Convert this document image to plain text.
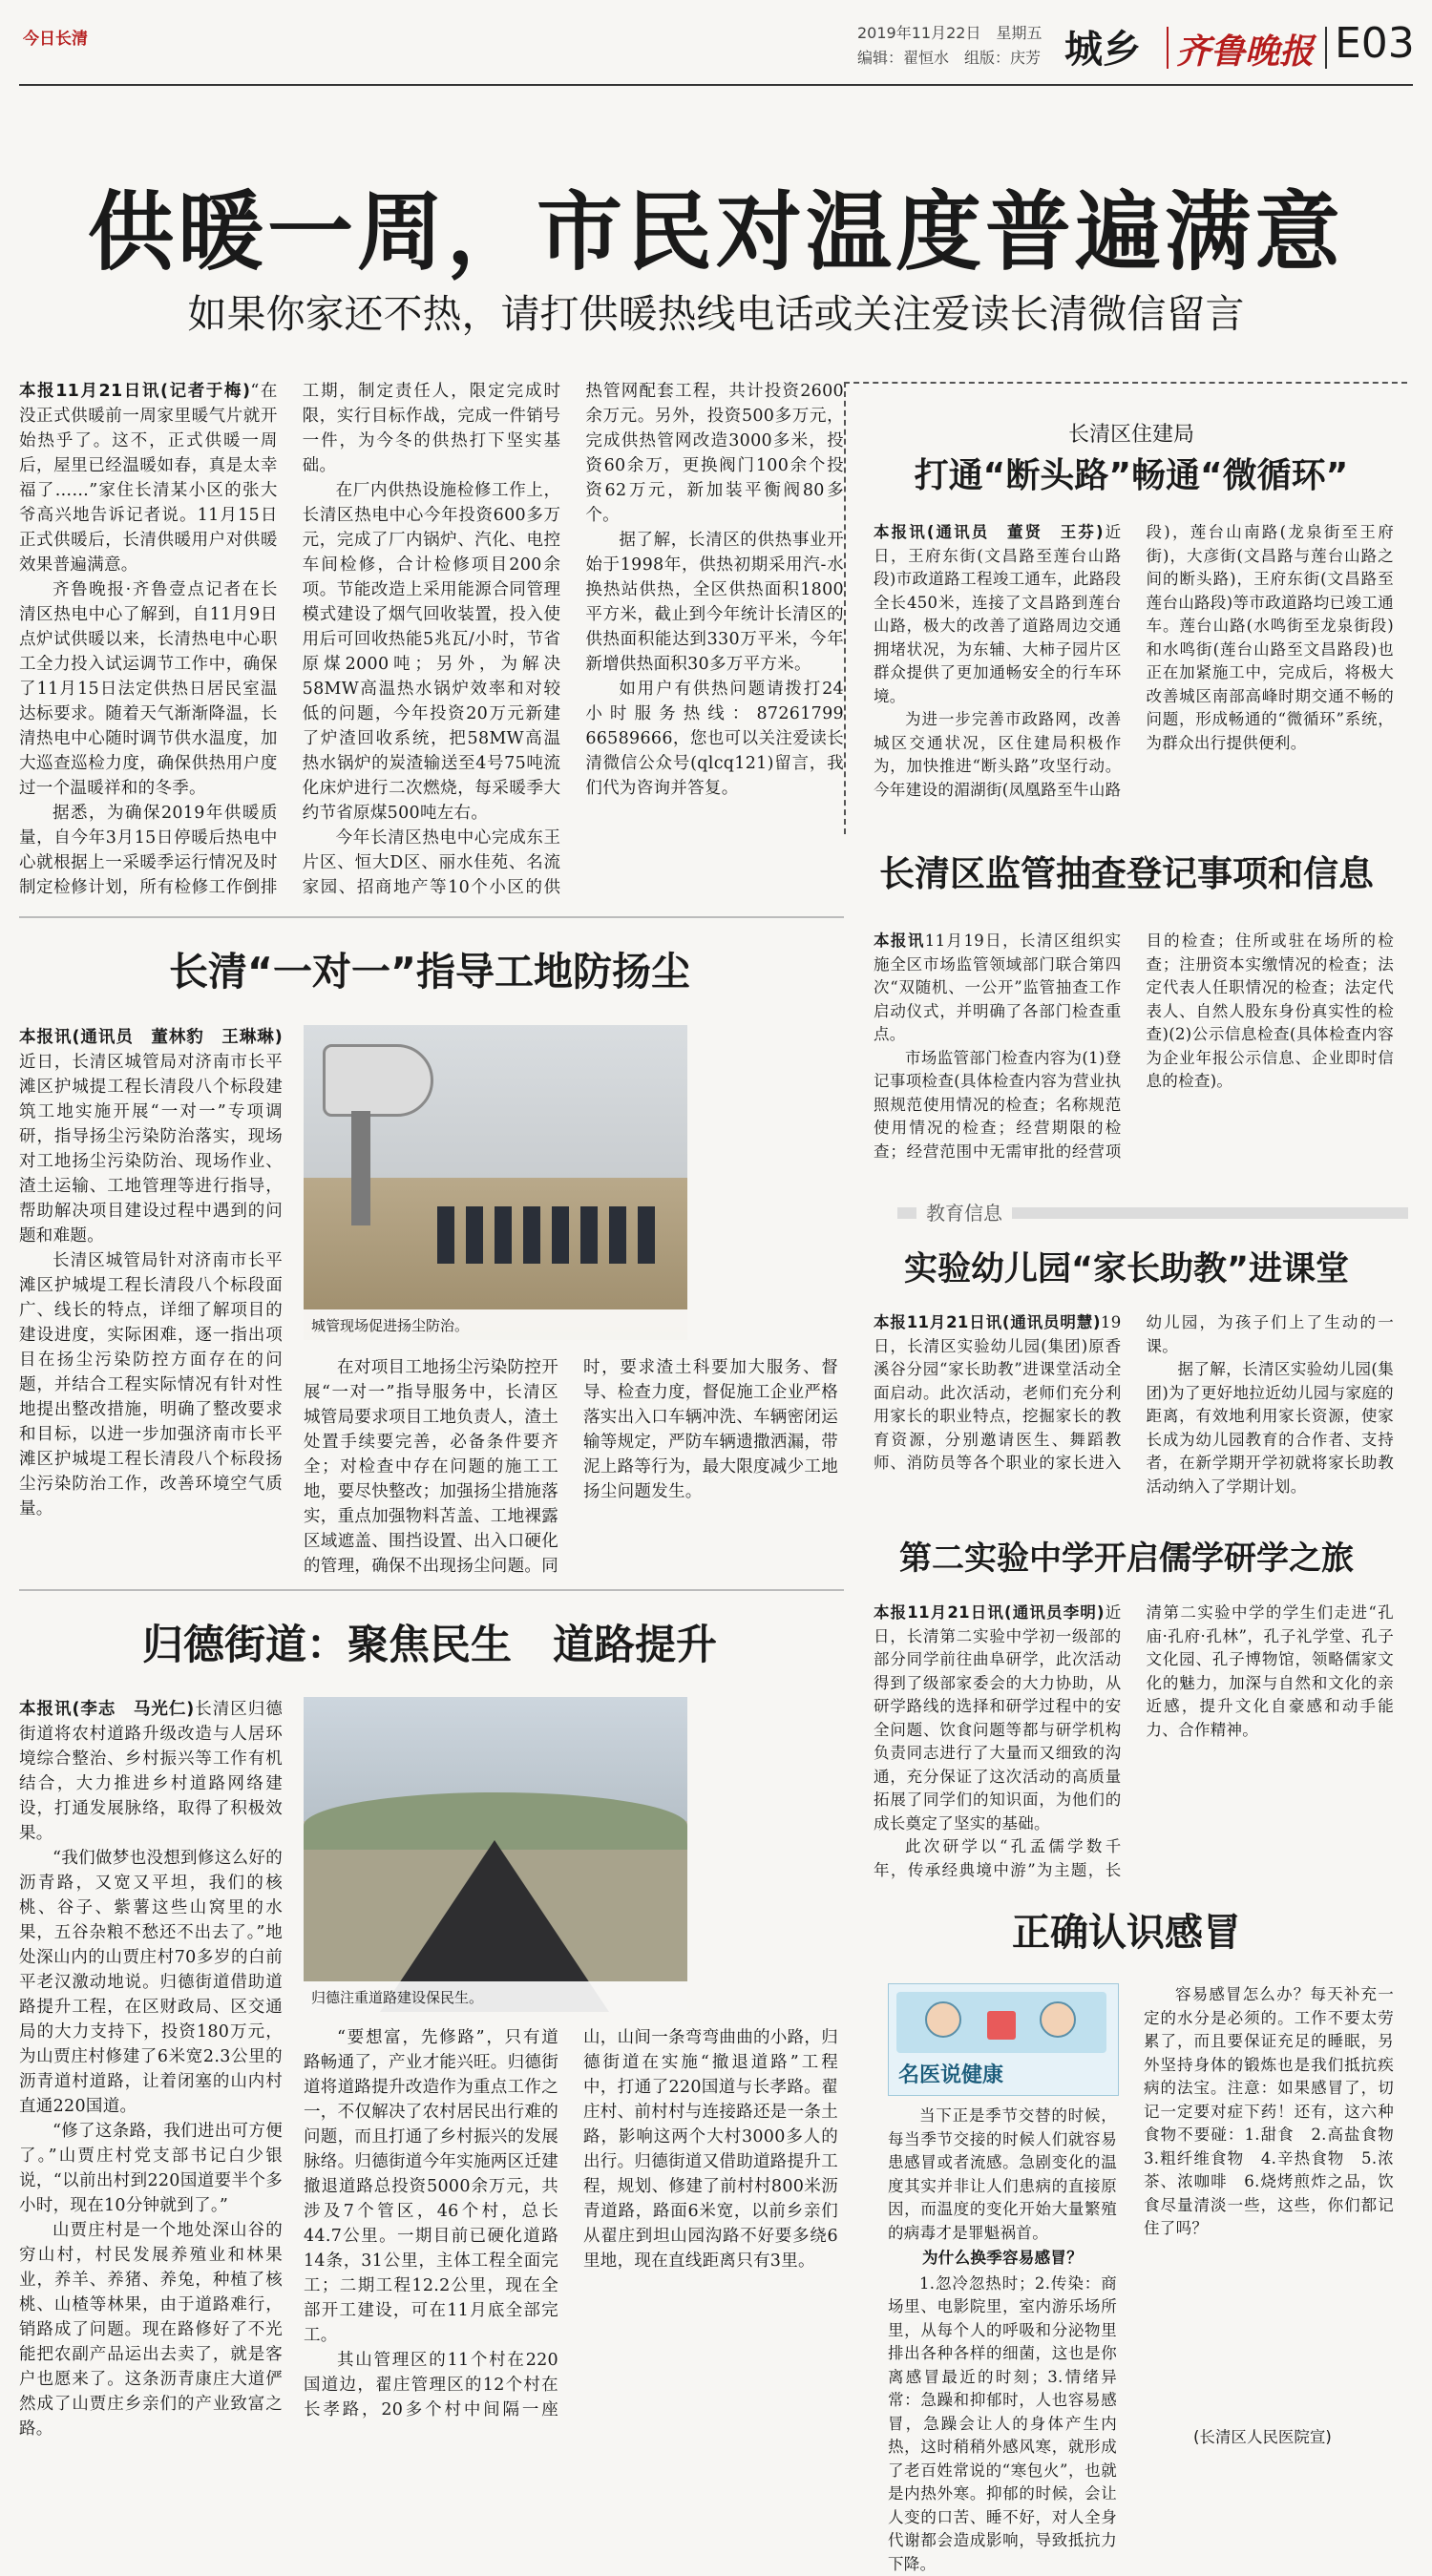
今日长清	2019年11月22日　星期五
编辑：翟恒水　组版：庆芳 城乡 齐鲁晚报 E03
供暖一周，市民对温度普遍满意
如果你家还不热，请打供暖热线电话或关注爱读长清微信留言

本报11月21日讯(记者于梅)“在没正式供暖前一周家里暖气片就开始热乎了。这不，正式供暖一周后，屋里已经温暖如春，真是太幸福了……”家住长清某小区的张大爷高兴地告诉记者说。11月15日正式供暖后，长清供暖用户对供暖效果普遍满意。

齐鲁晚报·齐鲁壹点记者在长清区热电中心了解到，自11月9日点炉试供暖以来，长清热电中心职工全力投入试运调节工作中，确保了11月15日法定供热日居民室温达标要求。随着天气渐渐降温，长清热电中心随时调节供水温度，加大巡查巡检力度，确保供热用户度过一个温暖祥和的冬季。

据悉，为确保2019年供暖质量，自今年3月15日停暖后热电中心就根据上一采暖季运行情况及时制定检修计划，所有检修工作倒排工期，制定责任人，限定完成时限，实行目标作战，完成一件销号一件，为今冬的供热打下坚实基础。

在厂内供热设施检修工作上，长清区热电中心今年投资600多万元，完成了厂内锅炉、汽化、电控车间检修，合计检修项目200余项。节能改造上采用能源合同管理模式建设了烟气回收装置，投入使用后可回收热能5兆瓦/小时，节省原煤2000吨；另外，为解决58MW高温热水锅炉效率和对较低的问题，今年投资20万元新建了炉渣回收系统，把58MW高温热水锅炉的炭渣输送至4号75吨流化床炉进行二次燃烧，每采暖季大约节省原煤500吨左右。

今年长清区热电中心完成东王片区、恒大D区、丽水佳苑、名流家园、招商地产等10个小区的供热管网配套工程，共计投资2600余万元。另外，投资500多万元，完成供热管网改造3000多米，投资60余万，更换阀门100余个投资62万元，新加装平衡阀80多个。

据了解，长清区的供热事业开始于1998年，供热初期采用汽-水换热站供热，全区供热面积1800平方米，截止到今年统计长清区的供热面积能达到330万平米，今年新增供热面积30多万平方米。

如用户有供热问题请拨打24小时服务热线：87261799　66589666，您也可以关注爱读长清微信公众号(qlcq121)留言，我们代为咨询并答复。

长清区住建局
打通“断头路”畅通“微循环”

本报讯(通讯员　董贤　王芬)近日，王府东街(文昌路至莲台山路段)市政道路工程竣工通车，此路段全长450米，连接了文昌路到莲台山路，极大的改善了道路周边交通拥堵状况，为东辅、大柿子园片区群众提供了更加通畅安全的行车环境。

为进一步完善市政路网，改善城区交通状况，区住建局积极作为，加快推进“断头路”攻坚行动。今年建设的湄湖街(凤凰路至牛山路段)，莲台山南路(龙泉街至王府街)，大彦街(文昌路与莲台山路之间的断头路)，王府东街(文昌路至莲台山路段)等市政道路均已竣工通车。莲台山路(水鸣街至龙泉街段)和水鸣街(莲台山路至文昌路段)也正在加紧施工中，完成后，将极大改善城区南部高峰时期交通不畅的问题，形成畅通的“微循环”系统，为群众出行提供便利。

长清区监管抽查登记事项和信息

本报讯11月19日，长清区组织实施全区市场监管领域部门联合第四次“双随机、一公开”监管抽查工作启动仪式，并明确了各部门检查重点。

市场监管部门检查内容为(1)登记事项检查(具体检查内容为营业执照规范使用情况的检查；名称规范使用情况的检查；经营期限的检查；经营范围中无需审批的经营项目的检查；住所或驻在场所的检查；注册资本实缴情况的检查；法定代表人任职情况的检查；法定代表人、自然人股东身份真实性的检查)(2)公示信息检查(具体检查内容为企业年报公示信息、企业即时信息的检查)。

教育信息
实验幼儿园“家长助教”进课堂

本报11月21日讯(通讯员明慧)19日，长清区实验幼儿园(集团)原香溪谷分园“家长助教”进课堂活动全面启动。此次活动，老师们充分利用家长的职业特点，挖掘家长的教育资源，分别邀请医生、舞蹈教师、消防员等各个职业的家长进入幼儿园，为孩子们上了生动的一课。

据了解，长清区实验幼儿园(集团)为了更好地拉近幼儿园与家庭的距离，有效地利用家长资源，使家长成为幼儿园教育的合作者、支持者，在新学期开学初就将家长助教活动纳入了学期计划。

第二实验中学开启儒学研学之旅

本报11月21日讯(通讯员李明)近日，长清第二实验中学初一级部的部分同学前往曲阜研学，此次活动得到了级部家委会的大力协助，从研学路线的选择和研学过程中的安全问题、饮食问题等都与研学机构负责同志进行了大量而又细致的沟通，充分保证了这次活动的高质量拓展了同学们的知识面，为他们的成长奠定了坚实的基础。

此次研学以“孔孟儒学数千年，传承经典境中游”为主题，长清第二实验中学的学生们走进“孔庙·孔府·孔林”，孔子礼学堂、孔子文化园、孔子博物馆，领略儒家文化的魅力，加深与自然和文化的亲近感，提升文化自豪感和动手能力、合作精神。

正确认识感冒
名医说健康

当下正是季节交替的时候，每当季节交接的时候人们就容易患感冒或者流感。急剧变化的温度其实并非让人们患病的直接原因，而温度的变化开始大量繁殖的病毒才是罪魁祸首。

为什么换季容易感冒？

1.忽冷忽热时；2.传染：商场里、电影院里，室内游乐场所里，从每个人的呼吸和分泌物里排出各种各样的细菌，这也是你离感冒最近的时刻；3.情绪异常：急躁和抑郁时，人也容易感冒，急躁会让人的身体产生内热，这时稍稍外感风寒，就形成了老百姓常说的“寒包火”，也就是内热外寒。抑郁的时候，会让人变的口苦、睡不好，对人全身代谢都会造成影响，导致抵抗力下降。

容易感冒怎么办？每天补充一定的水分是必须的。工作不要太劳累了，而且要保证充足的睡眠，另外坚持身体的锻炼也是我们抵抗疾病的法宝。注意：如果感冒了，切记一定要对症下药！还有，这六种食物不要碰：1.甜食　2.高盐食物　3.粗纤维食物　4.辛热食物　5.浓茶、浓咖啡　6.烧烤煎炸之品，饮食尽量清淡一些，这些，你们都记住了吗？

(长清区人民医院宣)
长清“一对一”指导工地防扬尘
城管现场促进扬尘防治。

本报讯(通讯员　董林豹　王琳琳)近日，长清区城管局对济南市长平滩区护城提工程长清段八个标段建筑工地实施开展“一对一”专项调研，指导扬尘污染防治落实，现场对工地扬尘污染防治、现场作业、渣土运输、工地管理等进行指导，帮助解决项目建设过程中遇到的问题和难题。

长清区城管局针对济南市长平滩区护城堤工程长清段八个标段面广、线长的特点，详细了解项目的建设进度，实际困难，逐一指出项目在扬尘污染防控方面存在的问题，并结合工程实际情况有针对性地提出整改措施，明确了整改要求和目标，以进一步加强济南市长平滩区护城堤工程长清段八个标段扬尘污染防治工作，改善环境空气质量。

在对项目工地扬尘污染防控开展“一对一”指导服务中，长清区城管局要求项目工地负责人，渣土处置手续要完善，必备条件要齐全；对检查中存在问题的施工工地，要尽快整改；加强扬尘措施落实，重点加强物料苫盖、工地裸露区域遮盖、围挡设置、出入口硬化的管理，确保不出现扬尘问题。同时，要求渣土科要加大服务、督导、检查力度，督促施工企业严格落实出入口车辆冲洗、车辆密闭运输等规定，严防车辆遗撒洒漏，带泥上路等行为，最大限度减少工地扬尘问题发生。

归德街道：聚焦民生　道路提升
归德注重道路建设保民生。

本报讯(李志　马光仁)长清区归德街道将农村道路升级改造与人居环境综合整治、乡村振兴等工作有机结合，大力推进乡村道路网络建设，打通发展脉络，取得了积极效果。

“我们做梦也没想到修这么好的沥青路，又宽又平坦，我们的核桃、谷子、紫薯这些山窝里的水果，五谷杂粮不愁还不出去了。”地处深山内的山贾庄村70多岁的白前平老汉激动地说。归德街道借助道路提升工程，在区财政局、区交通局的大力支持下，投资180万元，为山贾庄村修建了6米宽2.3公里的沥青道村道路，让着闭塞的山内村直通220国道。

“修了这条路，我们进出可方便了。”山贾庄村党支部书记白少银说，“以前出村到220国道要半个多小时，现在10分钟就到了。”

山贾庄村是一个地处深山谷的穷山村，村民发展养殖业和林果业，养羊、养猪、养兔，种植了核桃、山楂等林果，由于道路难行，销路成了问题。现在路修好了不光能把农副产品运出去卖了，就是客户也愿来了。这条沥青康庄大道俨然成了山贾庄乡亲们的产业致富之路。

“要想富，先修路”，只有道路畅通了，产业才能兴旺。归德街道将道路提升改造作为重点工作之一，不仅解决了农村居民出行难的问题，而且打通了乡村振兴的发展脉络。归德街道今年实施两区迁建撤退道路总投资5000余万元，共涉及7个管区，46个村，总长44.7公里。一期目前已硬化道路14条，31公里，主体工程全面完工；二期工程12.2公里，现在全部开工建设，可在11月底全部完工。

其山管理区的11个村在220国道边，翟庄管理区的12个村在长孝路，20多个村中间隔一座山，山间一条弯弯曲曲的小路，归德街道在实施“撤退道路”工程中，打通了220国道与长孝路。翟庄村、前村村与连接路还是一条土路，影响这两个大村3000多人的出行。归德街道又借助道路提升工程，规划、修建了前村村800米沥青道路，路面6米宽，以前乡亲们从翟庄到坦山园沟路不好要多绕6里地，现在直线距离只有3里。
